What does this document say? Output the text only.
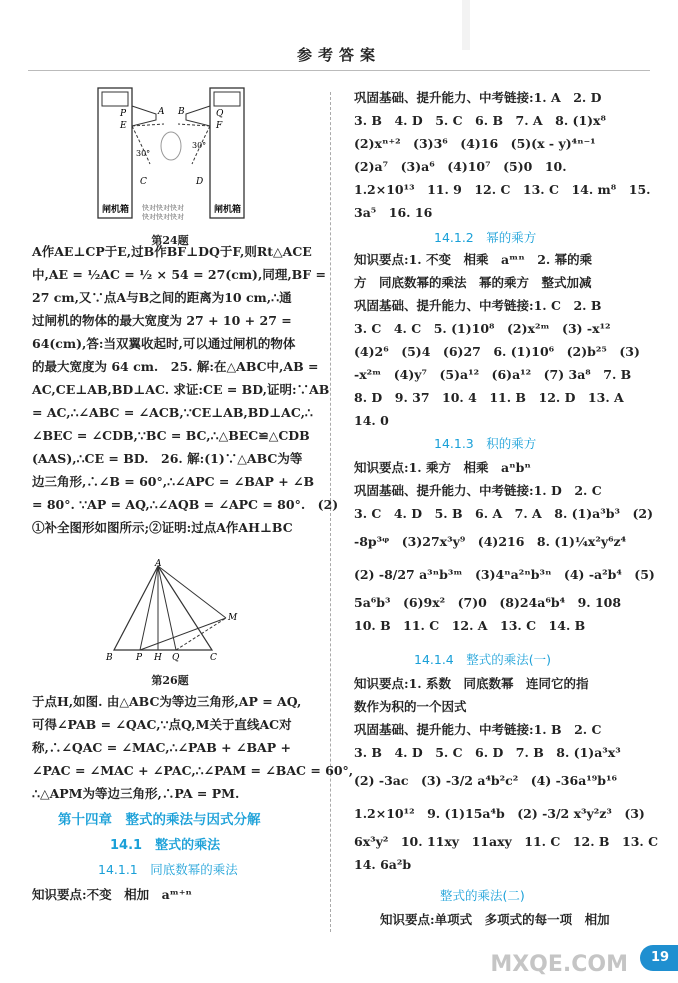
参考答案
P
E
A B	Q
F
D
C
30°
30°
闸机箱	闸机箱
快对快对快对
快对快对快对
第24题
A作AE⊥CP于E,过B作BF⊥DQ于F,则Rt△ACE
中,AE = ½AC = ½ × 54 = 27(cm),同理,BF =
27 cm,又∵点A与B之间的距离为10 cm,∴通
过闸机的物体的最大宽度为 27 + 10 + 27 =
64(cm),答:当双翼收起时,可以通过闸机的物体
的最大宽度为 64 cm.　25. 解:在△ABC中,AB =
AC,CE⊥AB,BD⊥AC. 求证:CE = BD,证明:∵AB
= AC,∴∠ABC = ∠ACB,∵CE⊥AB,BD⊥AC,∴
∠BEC = ∠CDB,∵BC = BC,∴△BEC≌△CDB
(AAS),∴CE = BD.　26. 解:(1)∵△ABC为等
边三角形,∴∠B = 60°,∴∠APC = ∠BAP + ∠B
= 80°. ∵AP = AQ,∴∠AQB = ∠APC = 80°.　(2)
①补全图形如图所示;②证明:过点A作AH⊥BC
A
M
B	P H Q	C
第26题
于点H,如图. 由△ABC为等边三角形,AP = AQ,
可得∠PAB = ∠QAC,∵点Q,M关于直线AC对
称,∴∠QAC = ∠MAC,∴∠PAB + ∠BAP +
∠PAC = ∠MAC + ∠PAC,∴∠PAM = ∠BAC = 60°,
∴△APM为等边三角形,∴PA = PM.
第十四章　整式的乘法与因式分解
14.1　整式的乘法
14.1.1　同底数幂的乘法
知识要点:不变　相加　aᵐ⁺ⁿ
巩固基础、提升能力、中考链接:1. A　2. D
3. B　4. D　5. C　6. B　7. A　8. (1)x⁸
(2)xⁿ⁺²　(3)3⁶　(4)16　(5)(x - y)⁴ⁿ⁻¹
(2)a⁷　(3)a⁶　(4)10⁷　(5)0　10.
1.2×10¹³　11. 9　12. C　13. C　14. m⁸　15.
3a⁵　16. 16
14.1.2　幂的乘方
知识要点:1. 不变　相乘　aᵐⁿ　2. 幂的乘
方　同底数幂的乘法　幂的乘方　整式加减
巩固基础、提升能力、中考链接:1. C　2. B
3. C　4. C　5. (1)10⁸　(2)x²ᵐ　(3) -x¹²
(4)2⁶　(5)4　(6)27　6. (1)10⁶　(2)b²⁵　(3)
-x²ᵐ　(4)y⁷　(5)a¹²　(6)a¹²　(7) 3a⁸　7. B
8. D　9. 37　10. 4　11. B　12. D　13. A
14. 0
14.1.3　积的乘方
知识要点:1. 乘方　相乘　aⁿbⁿ
巩固基础、提升能力、中考链接:1. D　2. C
3. C　4. D　5. B　6. A　7. A　8. (1)a³b³　(2)
-8p³ᵠ　(3)27x³y⁹　(4)216　8. (1)¼x²y⁶z⁴
(2) -8/27 a³ⁿb³ᵐ　(3)4ⁿa²ⁿb³ⁿ　(4) -a²b⁴　(5)
5a⁶b³　(6)9x²　(7)0　(8)24a⁶b⁴　9. 108
10. B　11. C　12. A　13. C　14. B
14.1.4　整式的乘法(一)
知识要点:1. 系数　同底数幂　连同它的指
数作为积的一个因式
巩固基础、提升能力、中考链接:1. B　2. C
3. B　4. D　5. C　6. D　7. B　8. (1)a³x³
(2) -3ac　(3) -3/2 a⁴b²c²　(4) -36a¹⁹b¹⁶
1.2×10¹²　9. (1)15a⁴b　(2) -3/2 x³y²z³　(3)
6x³y²　10. 11xy　11axy　11. C　12. B　13. C
14. 6a²b
整式的乘法(二)
知识要点:单项式　多项式的每一项　相加
MXQE.COM	19
